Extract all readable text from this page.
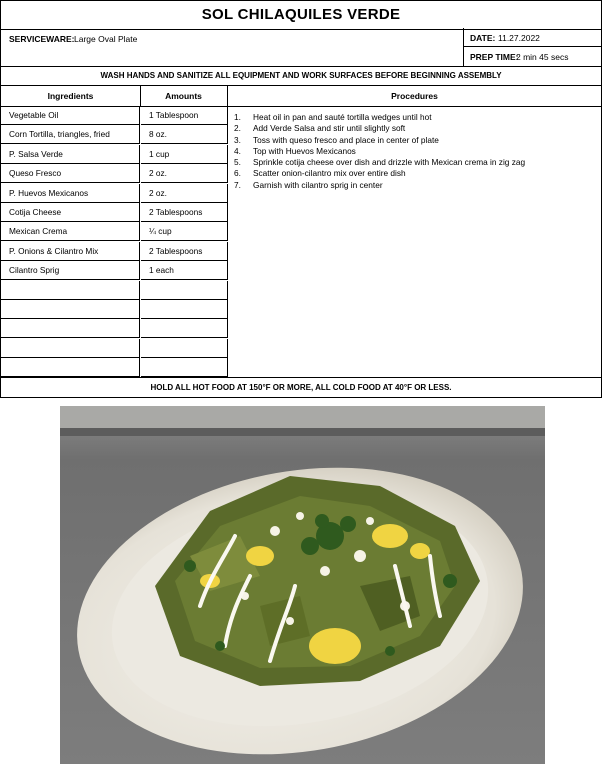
SOL CHILAQUILES VERDE
SERVICEWARE: Large Oval Plate	DATE: 11.27.2022
PREP TIME:
2 min 45 secs
WASH HANDS AND SANITIZE ALL EQUIPMENT AND WORK SURFACES BEFORE BEGINNING ASSEMBLY
Vegetable Oil	1 Tablespoon
Corn Tortilla, triangles, fried	8 oz.
P. Salsa Verde	1 cup
Queso Fresco	2 oz.
P. Huevos Mexicanos	2 oz.
Cotija Cheese	2 Tablespoons
Mexican Crema	¼ cup
P. Onions & Cilantro Mix	2 Tablespoons
Cilantro Sprig	1 each
Ingredients	Amounts	Procedures
1.	Heat oil in pan and sauté tortilla wedges until hot
2.	Add Verde Salsa and stir until slightly soft
3.	Toss with queso fresco and place in center of plate
4.	Top with Huevos Mexicanos
5.	Sprinkle cotija cheese over dish and drizzle with Mexican crema in zig zag
6.	Scatter onion-cilantro mix over entire dish
7.	Garnish with cilantro sprig in center
HOLD ALL HOT FOOD AT 150°F OR MORE, ALL COLD FOOD AT 40°F OR LESS.
